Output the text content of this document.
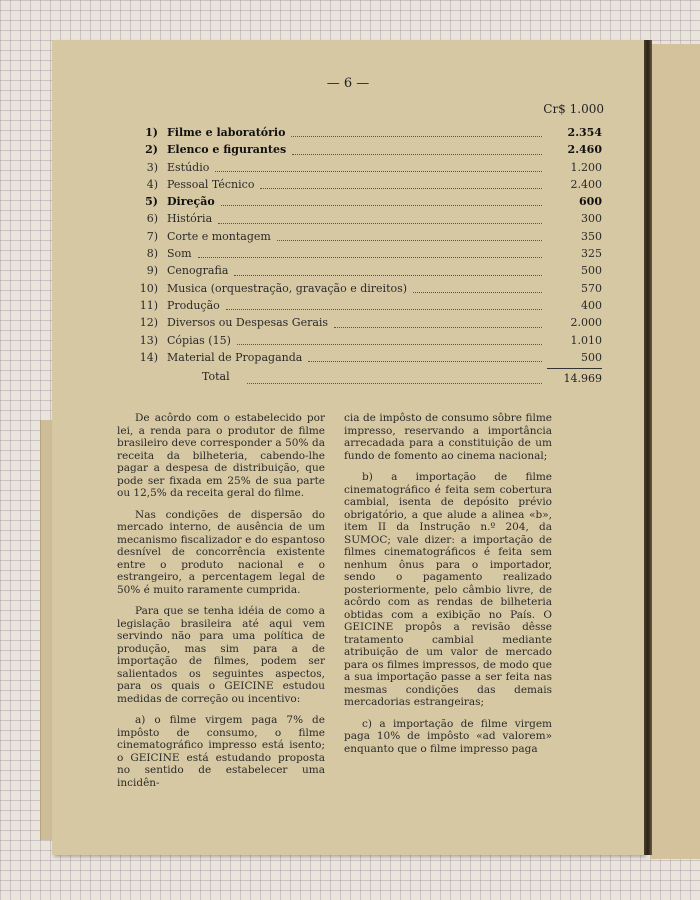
— 6 —
Cr$ 1.000
1) Filme e laboratório	2.354
2) Elenco e figurantes	2.460
3) Estúdio	1.200
4) Pessoal Técnico	2.400
5) Direção	600
6) História	300
7) Corte e montagem	350
8) Som	325
9) Cenografia	500
10) Musica (orquestração, gravação e direitos)	570
11) Produção	400
12) Diversos ou Despesas Gerais	2.000
13) Cópias (15)	1.010
14) Material de Propaganda	500
Total	14.969

De acôrdo com o estabelecido por lei, a renda para o produtor de filme brasileiro deve corresponder a 50% da receita da bilheteria, cabendo-lhe pagar a despesa de distribuição, que pode ser fixada em 25% de sua parte ou 12,5% da receita geral do filme.

Nas condições de dispersão do mercado interno, de ausência de um mecanismo fiscalizador e do espantoso desnível de concorrência existente entre o produto nacional e o estrangeiro, a percentagem legal de 50% é muito raramente cumprida.

Para que se tenha idéia de como a legislação brasileira até aqui vem servindo não para uma política de produção, mas sim para a de importação de filmes, podem ser salientados os seguintes aspectos, para os quais o GEICINE estudou medidas de correção ou incentivo:

a) o filme virgem paga 7% de impôsto de consumo, o filme cinematográfico impresso está isento; o GEICINE está estudando proposta no sentido de estabelecer uma incidên-

cia de impôsto de consumo sôbre filme impresso, reservando a importância arrecadada para a constituição de um fundo de fomento ao cinema nacional;

b) a importação de filme cinematográfico é feita sem cobertura cambial, isenta de depósito prévio obrigatório, a que alude a alinea «b», item II da Instrução n.º 204, da SUMOC; vale dizer: a importação de filmes cinematográficos é feita sem nenhum ônus para o importador, sendo o pagamento realizado posteriormente, pelo câmbio livre, de acôrdo com as rendas de bilheteria obtidas com a exibição no País. O GEICINE propôs a revisão dêsse tratamento cambial mediante atribuição de um valor de mercado para os filmes impressos, de modo que a sua importação passe a ser feita nas mesmas condições das demais mercadorias estrangeiras;

c) a importação de filme virgem paga 10% de impôsto «ad valorem» enquanto que o filme impresso paga
